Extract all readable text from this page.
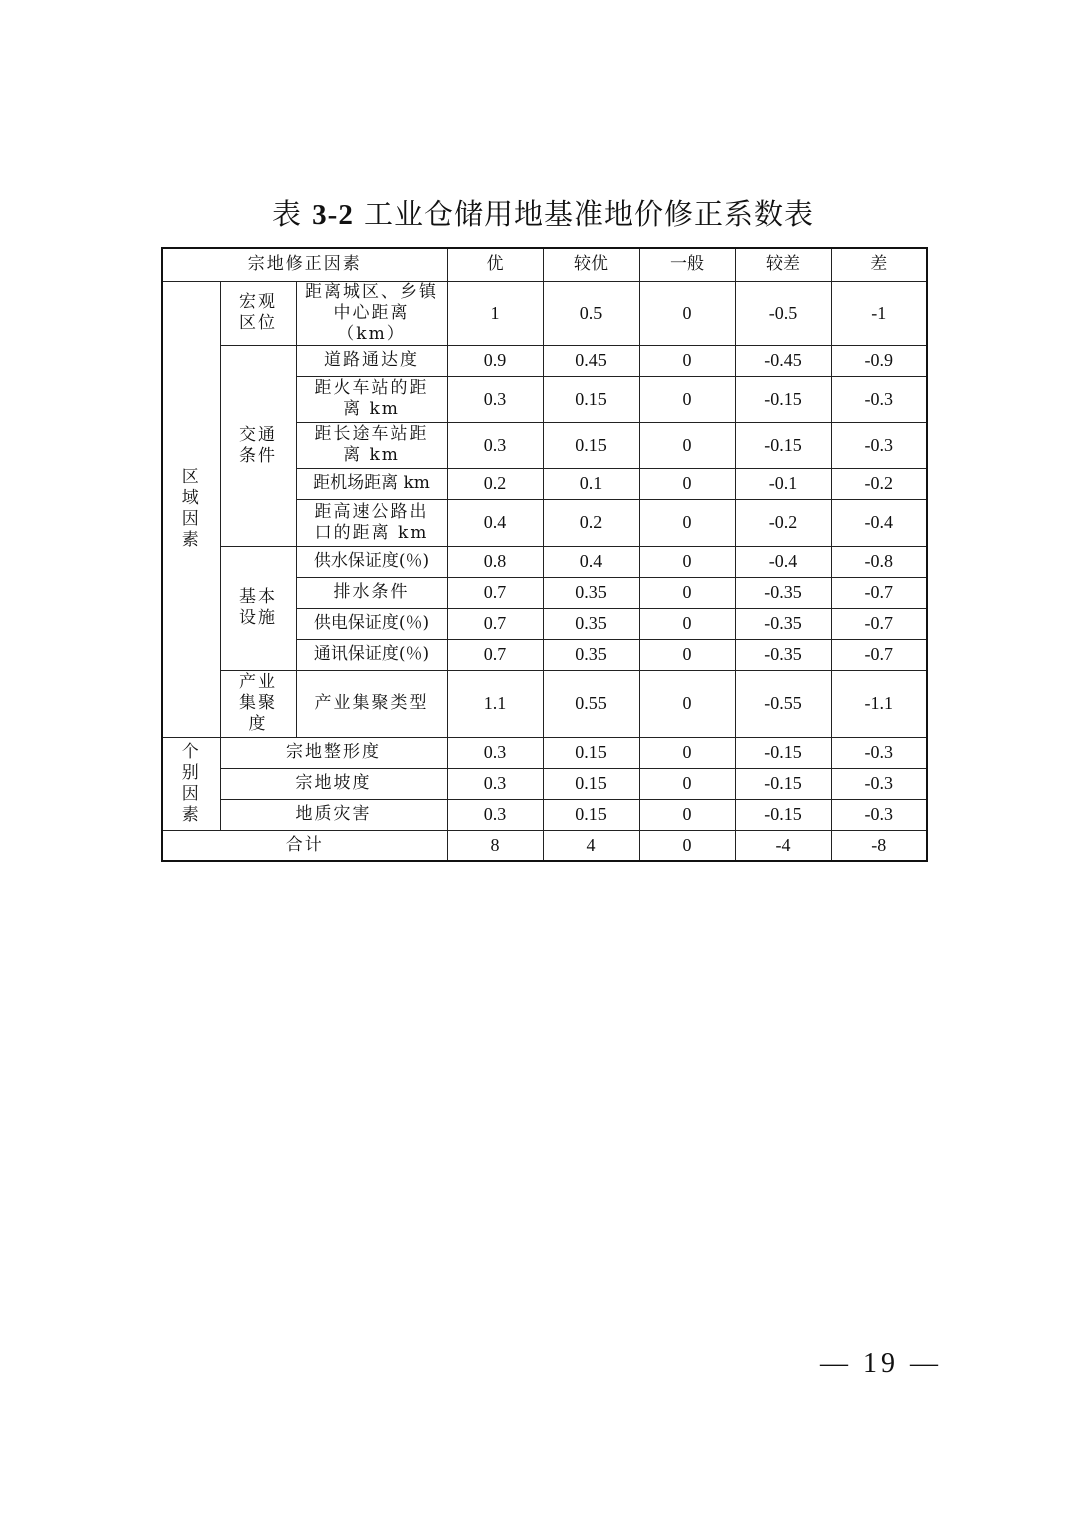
表 3-2 工业仓储用地基准地价修正系数表
宗地修正因素			优	较优	一般	较差	差
区域因素	宏观区位	距离城区、乡镇中心距离（km）	1	0.5	0	-0.5	-1
	交通条件	道路通达度	0.9	0.45	0	-0.45	-0.9
		距火车站的距离 km	0.3	0.15	0	-0.15	-0.3
		距长途车站距离 km	0.3	0.15	0	-0.15	-0.3
		距机场距离 km	0.2	0.1	0	-0.1	-0.2
		距高速公路出口的距离 km	0.4	0.2	0	-0.2	-0.4
	基本设施	供水保证度(％)	0.8	0.4	0	-0.4	-0.8
		排水条件	0.7	0.35	0	-0.35	-0.7
		供电保证度(％)	0.7	0.35	0	-0.35	-0.7
		通讯保证度(％)	0.7	0.35	0	-0.35	-0.7
	产业集聚度	产业集聚类型	1.1	0.55	0	-0.55	-1.1
个别因素	宗地整形度		0.3	0.15	0	-0.15	-0.3
	宗地坡度		0.3	0.15	0	-0.15	-0.3
	地质灾害		0.3	0.15	0	-0.15	-0.3
合计			8	4	0	-4	-8
— 19 —
